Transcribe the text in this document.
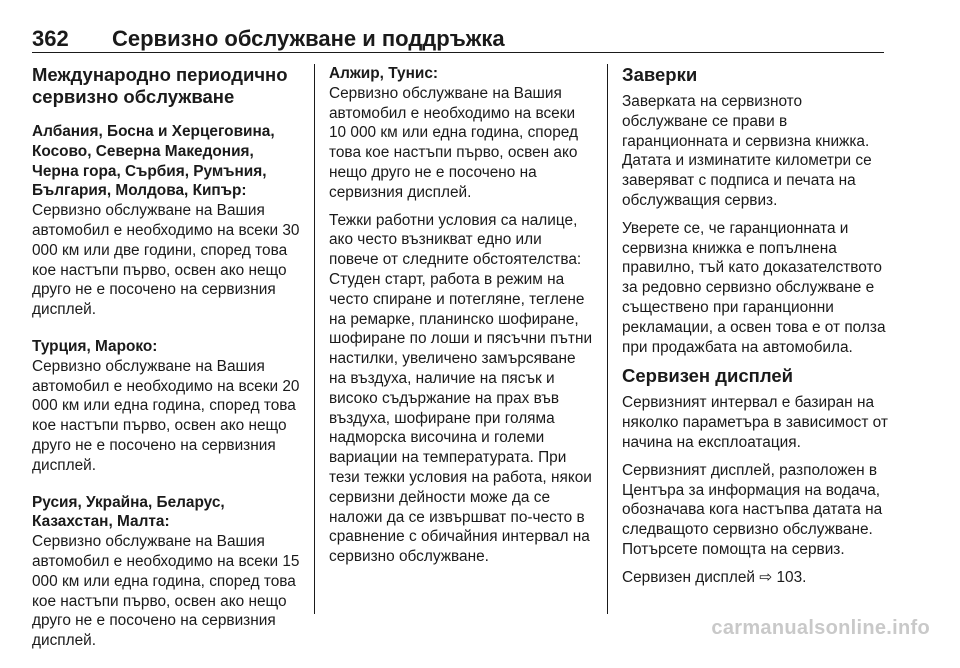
362 Сервизно обслужване и поддръжка
Международно периодично
сервизно обслужване
Албания, Босна и Херцеговина, Косово, Северна Македония, Черна гора, Сърбия, Румъния, България, Молдова, Кипър:

Сервизно обслужване на Вашия автомобил е необходимо на всеки 30 000 км или две години, според това кое настъпи първо, освен ако нещо друго не е посочено на сервизния дисплей.

Турция, Мароко:

Сервизно обслужване на Вашия автомобил е необходимо на всеки 20 000 км или една година, според това кое настъпи първо, освен ако нещо друго не е посочено на сервизния дисплей.

Русия, Украйна, Беларус, Казахстан, Малта:

Сервизно обслужване на Вашия автомобил е необходимо на всеки 15 000 км или една година, според това кое настъпи първо, освен ако нещо друго не е посочено на сервизния дисплей.

Алжир, Тунис:

Сервизно обслужване на Вашия автомобил е необходимо на всеки 10 000 км или една година, според това кое настъпи първо, освен ако нещо друго не е посочено на сервизния дисплей.

Тежки работни условия са налице, ако често възникват едно или повече от следните обстоятелства: Студен старт, работа в режим на често спиране и потегляне, теглене на ремарке, планинско шофиране, шофиране по лоши и пясъчни пътни настилки, увеличено замърсяване на въздуха, наличие на пясък и високо съдържание на прах във въздуха, шофиране при голяма надморска височина и големи вариации на температурата. При тези тежки условия на работа, някои сервизни дейности може да се наложи да се извършват по-често в сравнение с обичайния интервал на сервизно обслужване.

Заверки

Заверката на сервизното обслужване се прави в гаранционната и сервизна книжка. Датата и изминатите километри се заверяват с подписа и печата на обслужващия сервиз.

Уверете се, че гаранционната и сервизна книжка е попълнена правилно, тъй като доказателството за редовно сервизно обслужване е съществено при гаранционни рекламации, а освен това е от полза при продажбата на автомобила.

Сервизен дисплей

Сервизният интервал е базиран на няколко параметъра в зависимост от начина на експлоатация.

Сервизният дисплей, разположен в Центъра за информация на водача, обозначава кога настъпва датата на следващото сервизно обслужване. Потърсете помощта на сервиз.

Сервизен дисплей ⇨ 103.

carmanualsonline.info
